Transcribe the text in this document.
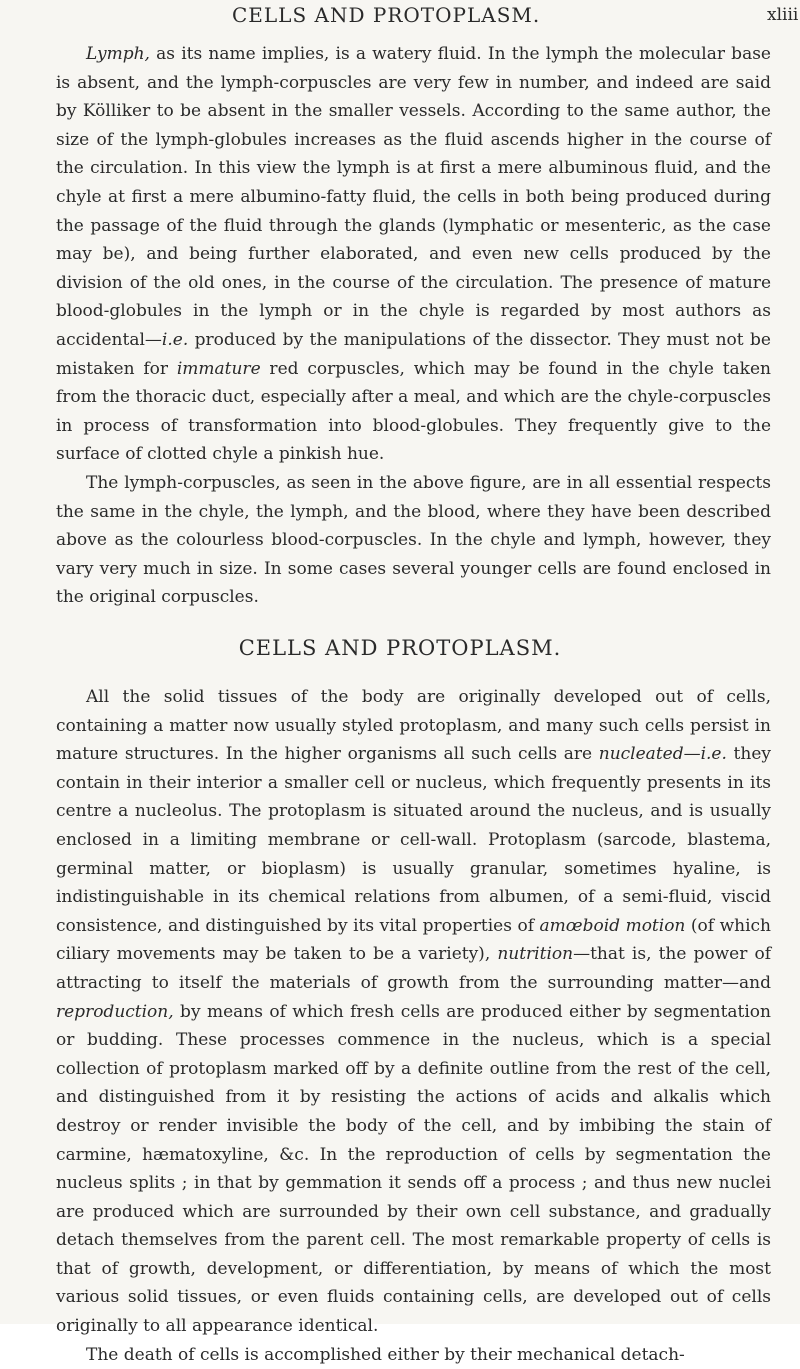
CELLS AND PROTOPLASM.	xliii

Lymph, as its name implies, is a watery fluid. In the lymph the molecular base is absent, and the lymph-corpuscles are very few in number, and indeed are said by Kölliker to be absent in the smaller vessels. According to the same author, the size of the lymph-globules increases as the fluid ascends higher in the course of the circulation. In this view the lymph is at first a mere albuminous fluid, and the chyle at first a mere albumino-fatty fluid, the cells in both being produced during the passage of the fluid through the glands (lymphatic or mesenteric, as the case may be), and being further elaborated, and even new cells produced by the division of the old ones, in the course of the circulation. The presence of mature blood-globules in the lymph or in the chyle is regarded by most authors as accidental—i.e. produced by the manipulations of the dissector. They must not be mistaken for immature red corpuscles, which may be found in the chyle taken from the thoracic duct, especially after a meal, and which are the chyle-corpuscles in process of transformation into blood-globules. They frequently give to the surface of clotted chyle a pinkish hue.

The lymph-corpuscles, as seen in the above figure, are in all essential respects the same in the chyle, the lymph, and the blood, where they have been described above as the colourless blood-corpuscles. In the chyle and lymph, however, they vary very much in size. In some cases several younger cells are found enclosed in the original corpuscles.

CELLS AND PROTOPLASM.

All the solid tissues of the body are originally developed out of cells, containing a matter now usually styled protoplasm, and many such cells persist in mature structures. In the higher organisms all such cells are nucleated—i.e. they contain in their interior a smaller cell or nucleus, which frequently presents in its centre a nucleolus. The protoplasm is situated around the nucleus, and is usually enclosed in a limiting membrane or cell-wall. Protoplasm (sarcode, blastema, germinal matter, or bioplasm) is usually granular, sometimes hyaline, is indistinguishable in its chemical relations from albumen, of a semi-fluid, viscid consistence, and distinguished by its vital properties of amœboid motion (of which ciliary movements may be taken to be a variety), nutrition—that is, the power of attracting to itself the materials of growth from the surrounding matter—and reproduction, by means of which fresh cells are produced either by segmentation or budding. These processes commence in the nucleus, which is a special collection of protoplasm marked off by a definite outline from the rest of the cell, and distinguished from it by resisting the actions of acids and alkalis which destroy or render invisible the body of the cell, and by imbibing the stain of carmine, hæmatoxyline, &c. In the reproduction of cells by segmentation the nucleus splits ; in that by gemmation it sends off a process ; and thus new nuclei are produced which are surrounded by their own cell substance, and gradually detach themselves from the parent cell. The most remarkable property of cells is that of growth, development, or differentiation, by means of which the most various solid tissues, or even fluids containing cells, are developed out of cells originally to all appearance identical.

The death of cells is accomplished either by their mechanical detach-
